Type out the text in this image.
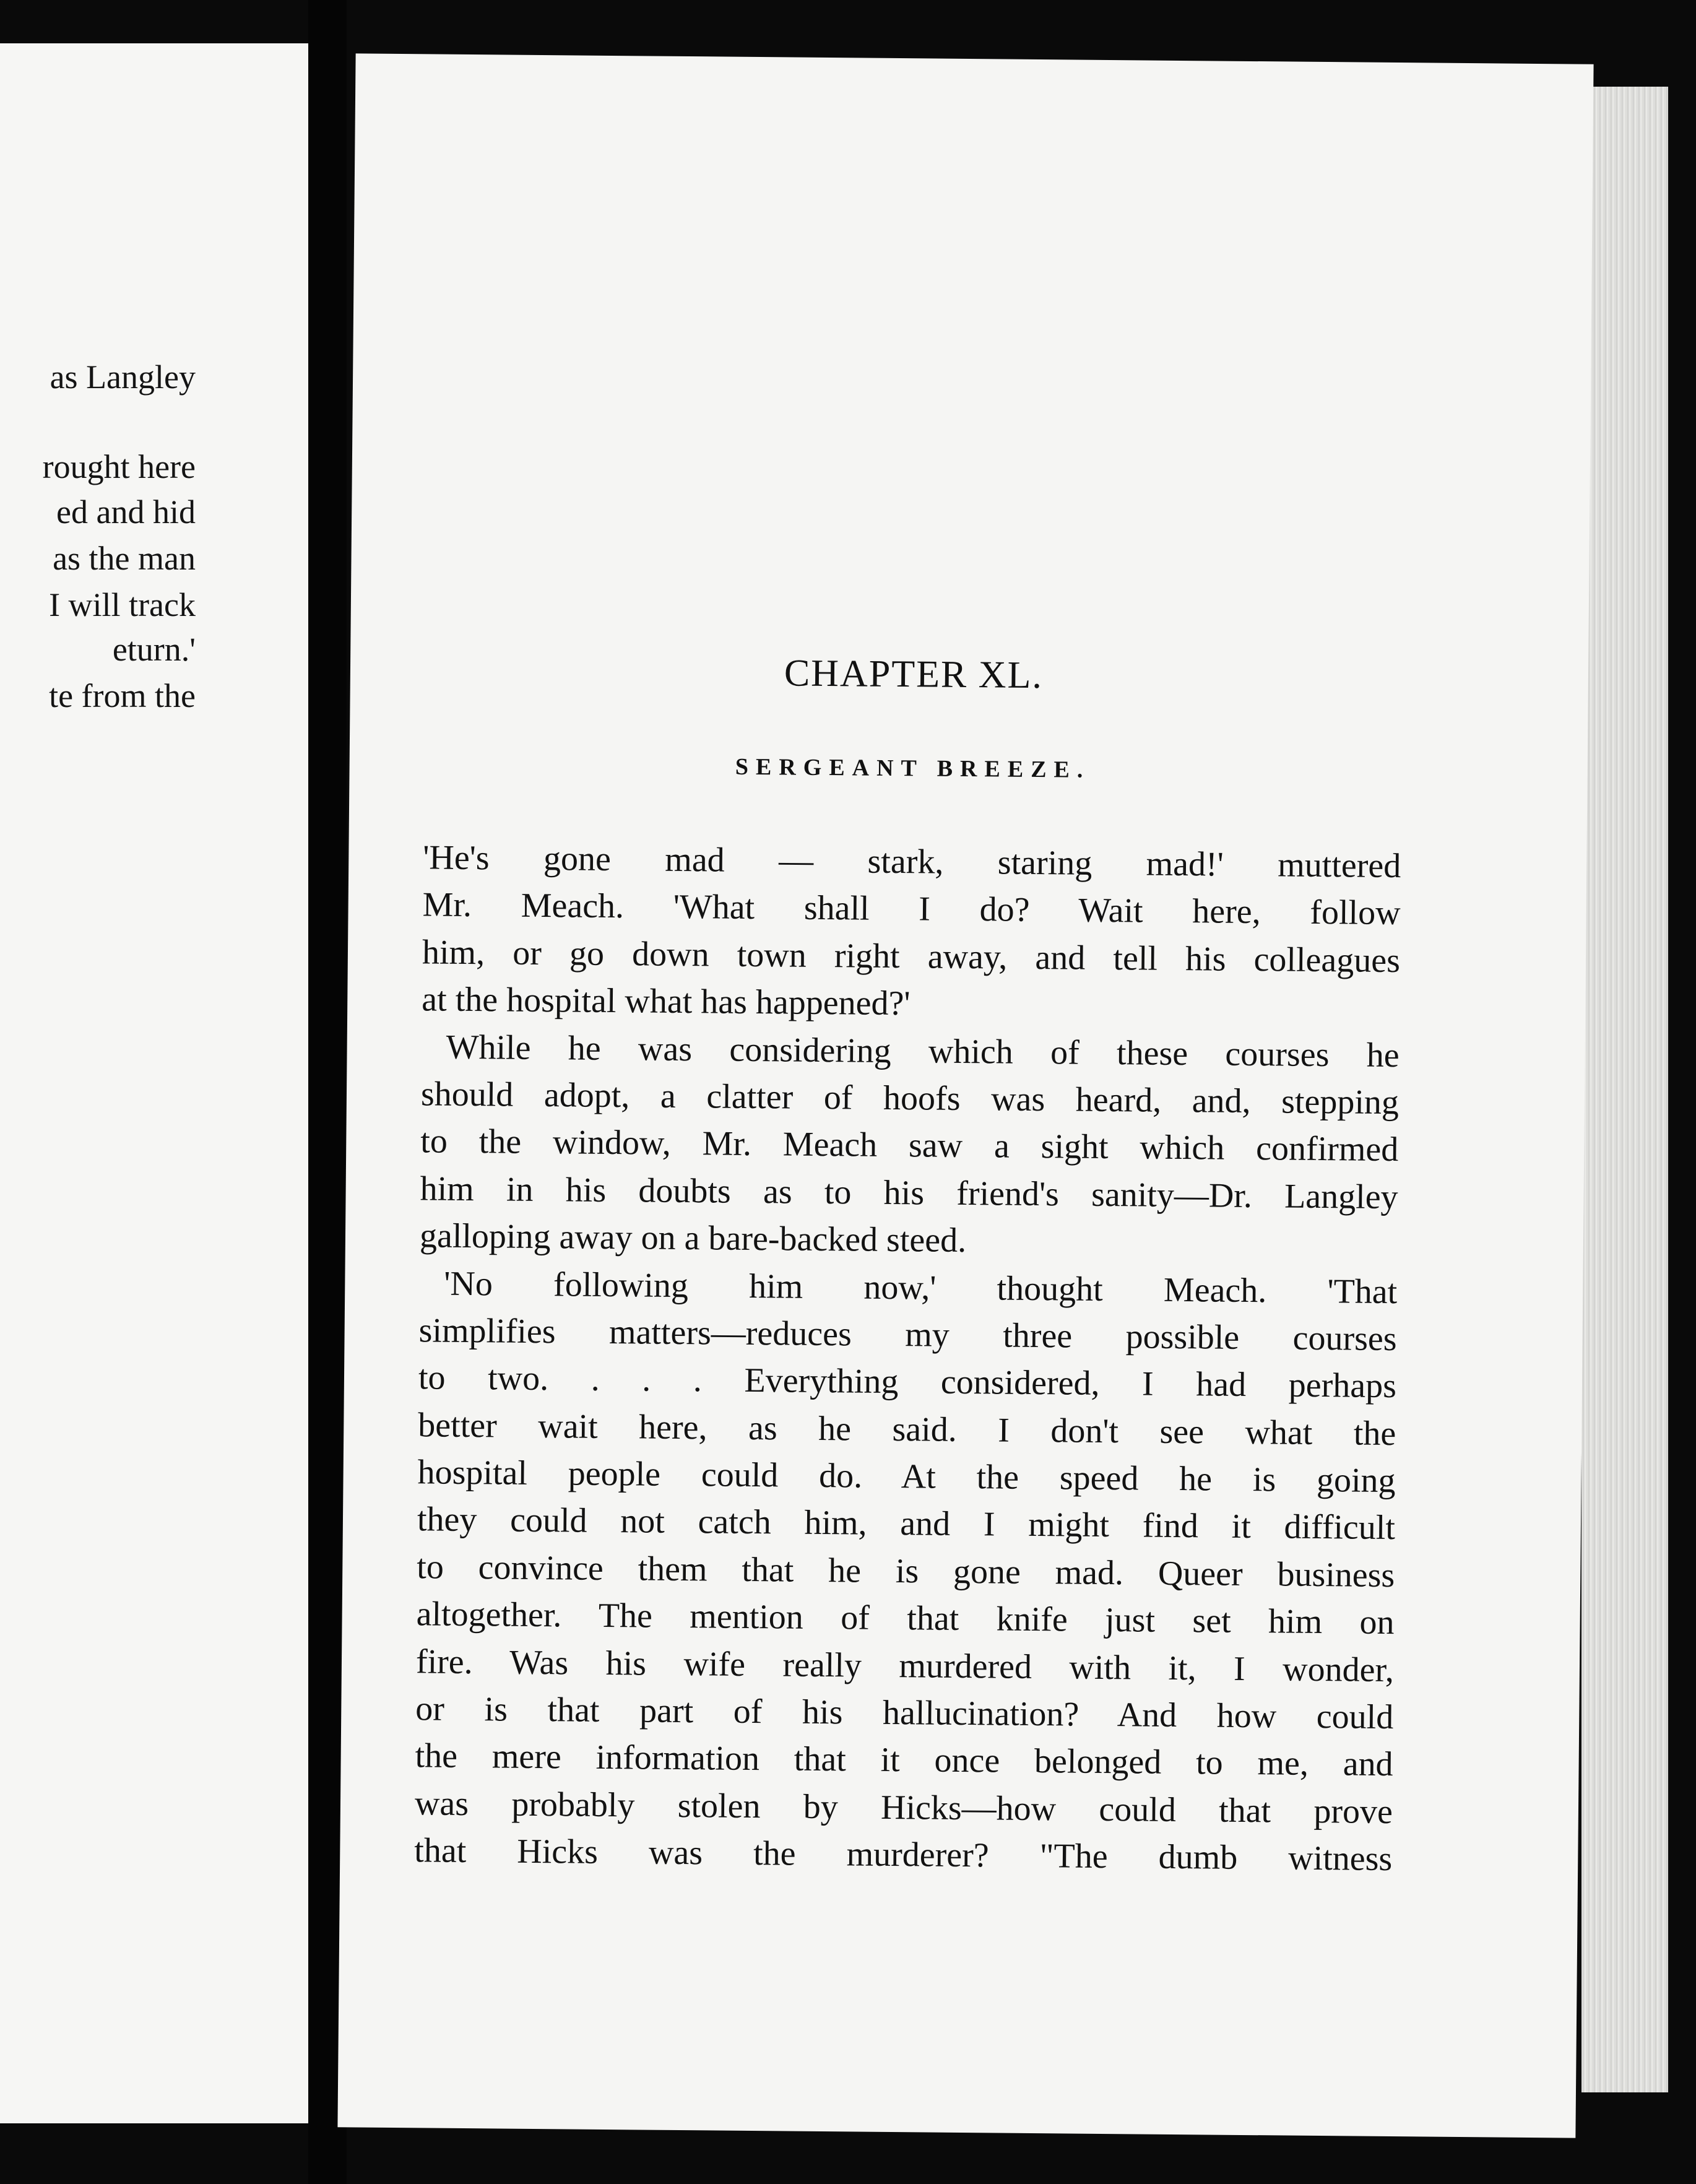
as Langley
rought here
ed and hid
as the man
I will track
eturn.'
te from the	CHAPTER XL.
SERGEANT BREEZE.
'He's gone mad — stark, staring mad!' muttered
Mr. Meach. 'What shall I do? Wait here, follow
him, or go down town right away, and tell his colleagues
at the hospital what has happened?'
While he was considering which of these courses he
should adopt, a clatter of hoofs was heard, and, stepping
to the window, Mr. Meach saw a sight which confirmed
him in his doubts as to his friend's sanity—Dr. Langley
galloping away on a bare-backed steed.
'No following him now,' thought Meach. 'That
simplifies matters—reduces my three possible courses
to two. . . . Everything considered, I had perhaps
better wait here, as he said. I don't see what the
hospital people could do. At the speed he is going
they could not catch him, and I might find it difficult
to convince them that he is gone mad. Queer business
altogether. The mention of that knife just set him on
fire. Was his wife really murdered with it, I wonder,
or is that part of his hallucination? And how could
the mere information that it once belonged to me, and
was probably stolen by Hicks—how could that prove
that Hicks was the murderer? "The dumb witness
